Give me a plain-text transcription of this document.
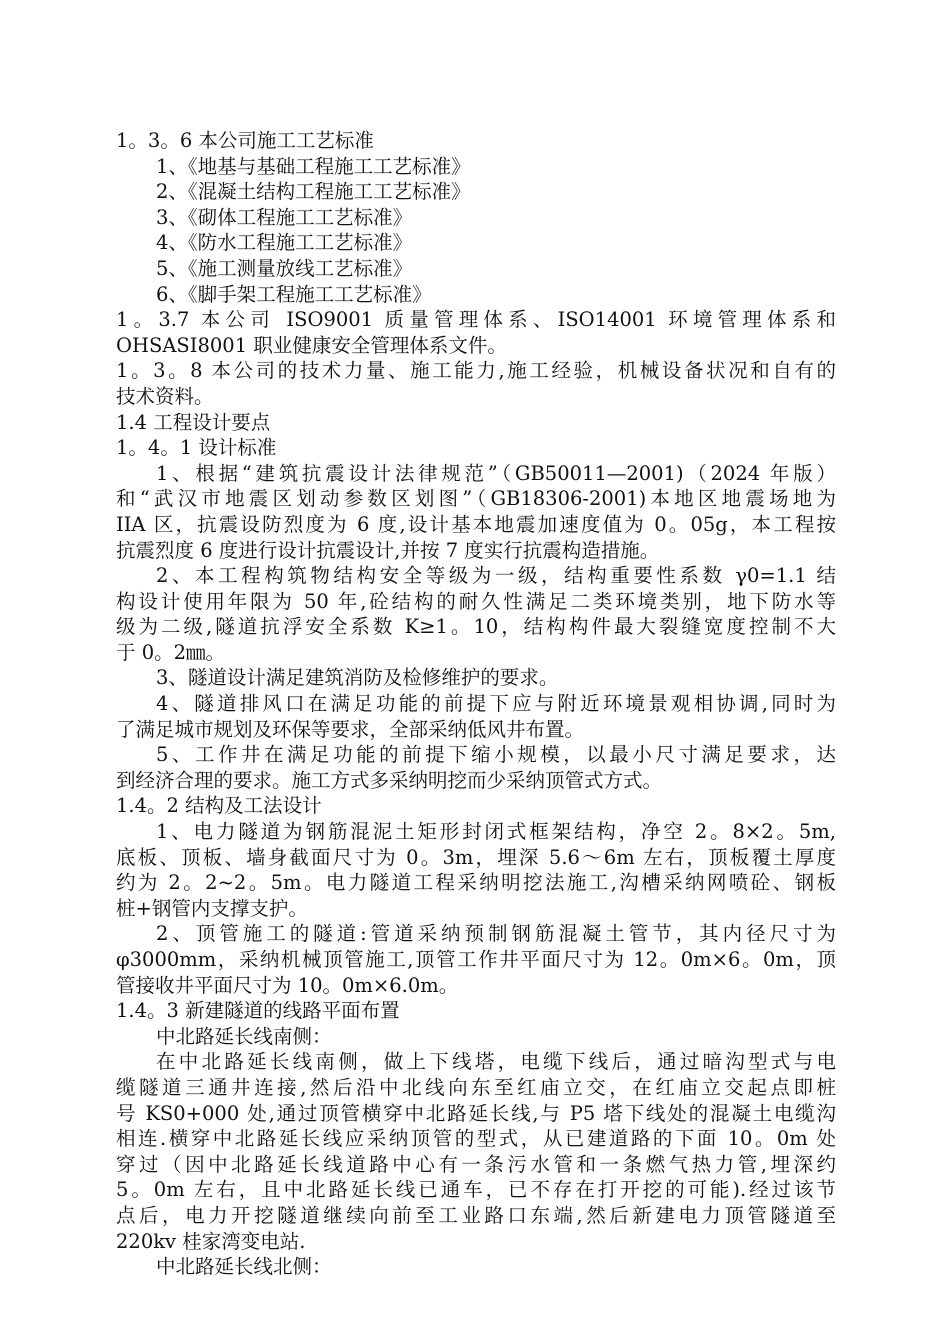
1。3。6 本公司施工工艺标准
1、《地基与基础工程施工工艺标准》
2、《混凝土结构工程施工工艺标准》
3、《砌体工程施工工艺标准》
4、《防水工程施工工艺标准》
5、《施工测量放线工艺标准》
6、《脚手架工程施工工艺标准》
1。3.7 本公司 ISO9001 质量管理体系、ISO14001 环境管理体系和
OHSASI8001 职业健康安全管理体系文件。
1。3。8 本公司的技术力量、施工能力,施工经验，机械设备状况和自有的
技术资料。
1.4 工程设计要点
1。4。1 设计标准
1、根据“建筑抗震设计法律规范”（GB50011—2001)（2024 年版）
和“武汉市地震区划动参数区划图”（GB18306-2001)本地区地震场地为
IIA 区，抗震设防烈度为 6 度,设计基本地震加速度值为 0。05g，本工程按
抗震烈度 6 度进行设计抗震设计,并按 7 度实行抗震构造措施。
2、本工程构筑物结构安全等级为一级，结构重要性系数 γ0=1.1 结
构设计使用年限为 50 年,砼结构的耐久性满足二类环境类别，地下防水等
级为二级,隧道抗浮安全系数 K≥1。10，结构构件最大裂缝宽度控制不大
于 0。2㎜。
3、隧道设计满足建筑消防及检修维护的要求。
4、隧道排风口在满足功能的前提下应与附近环境景观相协调,同时为
了满足城市规划及环保等要求，全部采纳低风井布置。
5、工作井在满足功能的前提下缩小规模，以最小尺寸满足要求，达
到经济合理的要求。施工方式多采纳明挖而少采纳顶管式方式。
1.4。2 结构及工法设计
1、电力隧道为钢筋混泥土矩形封闭式框架结构，净空 2。8×2。5m,
底板、顶板、墙身截面尺寸为 0。3m，埋深 5.6～6m 左右，顶板覆土厚度
约为 2。2~2。5m。电力隧道工程采纳明挖法施工,沟槽采纳网喷砼、钢板
桩+钢管内支撑支护。
2、顶管施工的隧道:管道采纳预制钢筋混凝土管节，其内径尺寸为
φ3000mm，采纳机械顶管施工,顶管工作井平面尺寸为 12。0m×6。0m，顶
管接收井平面尺寸为 10。0m×6.0m。
1.4。3 新建隧道的线路平面布置
中北路延长线南侧：
在中北路延长线南侧，做上下线塔，电缆下线后，通过暗沟型式与电
缆隧道三通井连接,然后沿中北线向东至红庙立交，在红庙立交起点即桩
号 KS0+000 处,通过顶管横穿中北路延长线,与 P5 塔下线处的混凝土电缆沟
相连.横穿中北路延长线应采纳顶管的型式，从已建道路的下面 10。0m 处
穿过（因中北路延长线道路中心有一条污水管和一条燃气热力管,埋深约
5。0m 左右，且中北路延长线已通车，已不存在打开挖的可能).经过该节
点后，电力开挖隧道继续向前至工业路口东端,然后新建电力顶管隧道至
220kv 桂家湾变电站.
中北路延长线北侧：
